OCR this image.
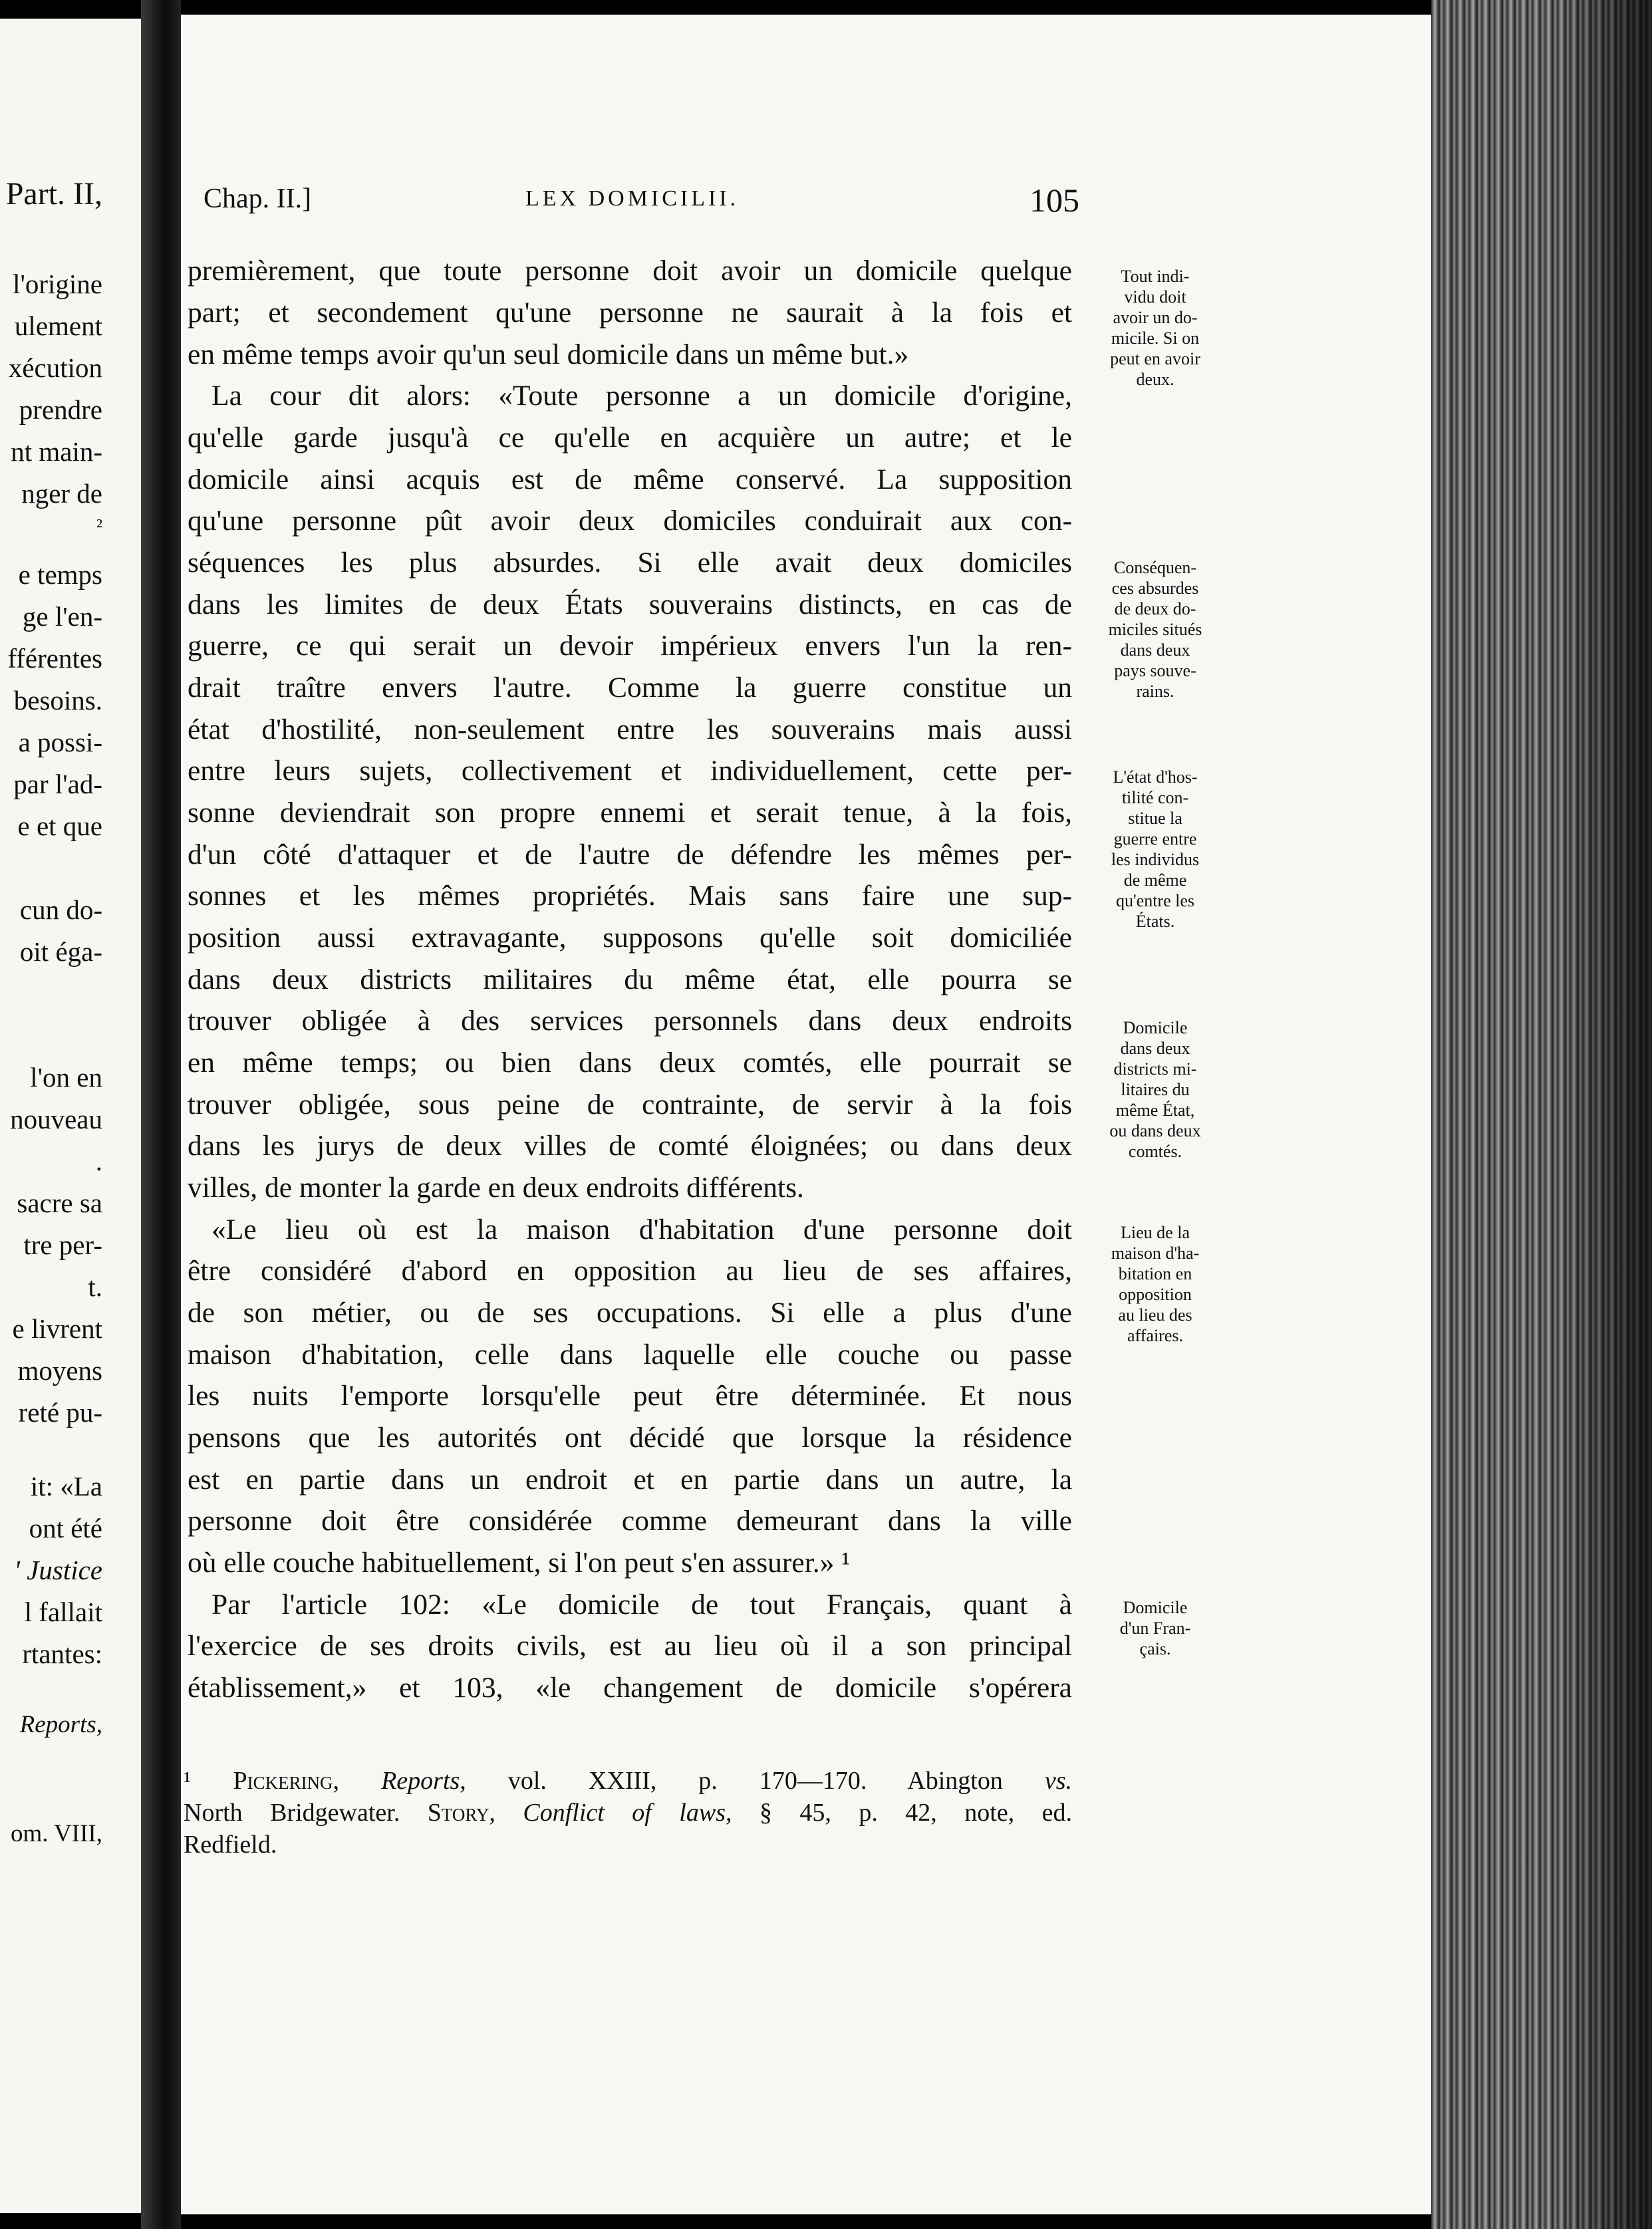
Part. II,
l'origine
ulement
xécution
prendre
nt main-
nger de
²
e temps
ge l'en-
fférentes
besoins.
a possi-
par l'ad-
e et que
cun do-
oit éga-
l'on en
nouveau
.
sacre sa
tre per-
t.
e livrent
moyens
reté pu-
it: «La
ont été
' Justice
l fallait
rtantes:
Reports,
om. VIII,
Chap. II.]	LEX DOMICILII.	105
premièrement, que toute personne doit avoir un domicile quelque
part; et secondement qu'une personne ne saurait à la fois et
en même temps avoir qu'un seul domicile dans un même but.»
La cour dit alors: «Toute personne a un domicile d'origine,
qu'elle garde jusqu'à ce qu'elle en acquière un autre; et le
domicile ainsi acquis est de même conservé. La supposition
qu'une personne pût avoir deux domiciles conduirait aux con-
séquences les plus absurdes. Si elle avait deux domiciles
dans les limites de deux États souverains distincts, en cas de
guerre, ce qui serait un devoir impérieux envers l'un la ren-
drait traître envers l'autre. Comme la guerre constitue un
état d'hostilité, non-seulement entre les souverains mais aussi
entre leurs sujets, collectivement et individuellement, cette per-
sonne deviendrait son propre ennemi et serait tenue, à la fois,
d'un côté d'attaquer et de l'autre de défendre les mêmes per-
sonnes et les mêmes propriétés. Mais sans faire une sup-
position aussi extravagante, supposons qu'elle soit domiciliée
dans deux districts militaires du même état, elle pourra se
trouver obligée à des services personnels dans deux endroits
en même temps; ou bien dans deux comtés, elle pourrait se
trouver obligée, sous peine de contrainte, de servir à la fois
dans les jurys de deux villes de comté éloignées; ou dans deux
villes, de monter la garde en deux endroits différents.
«Le lieu où est la maison d'habitation d'une personne doit
être considéré d'abord en opposition au lieu de ses affaires,
de son métier, ou de ses occupations. Si elle a plus d'une
maison d'habitation, celle dans laquelle elle couche ou passe
les nuits l'emporte lorsqu'elle peut être déterminée. Et nous
pensons que les autorités ont décidé que lorsque la résidence
est en partie dans un endroit et en partie dans un autre, la
personne doit être considérée comme demeurant dans la ville
où elle couche habituellement, si l'on peut s'en assurer.» ¹
Par l'article 102: «Le domicile de tout Français, quant à
l'exercice de ses droits civils, est au lieu où il a son principal
établissement,» et 103, «le changement de domicile s'opérera
Tout indi-
vidu doit
avoir un do-
micile. Si on
peut en avoir
deux.
Conséquen-
ces absurdes
de deux do-
miciles situés
dans deux
pays souve-
rains.
L'état d'hos-
tilité con-
stitue la
guerre entre
les individus
de même
qu'entre les
États.
Domicile
dans deux
districts mi-
litaires du
même État,
ou dans deux
comtés.
Lieu de la
maison d'ha-
bitation en
opposition
au lieu des
affaires.
Domicile
d'un Fran-
çais.
¹ Pickering, Reports, vol. XXIII, p. 170—170. Abington vs.
North Bridgewater. Story, Conflict of laws, § 45, p. 42, note, ed.
Redfield.
